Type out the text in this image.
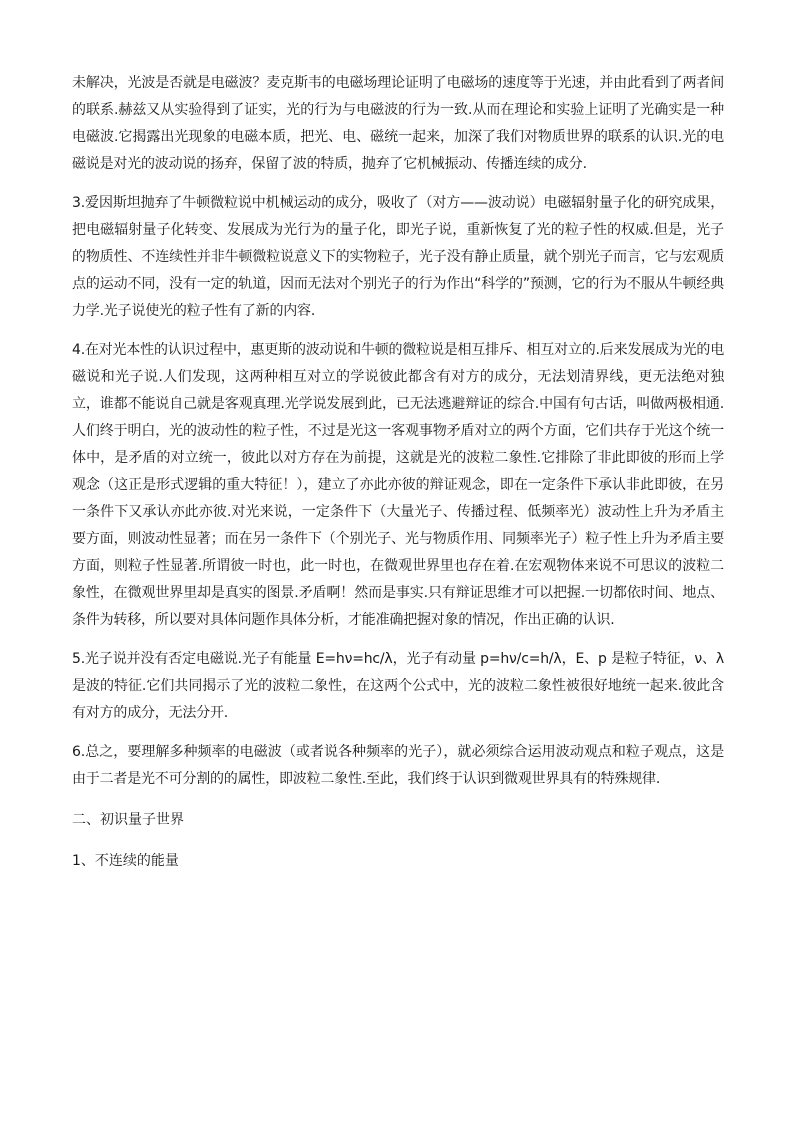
未解决，光波是否就是电磁波？麦克斯韦的电磁场理论证明了电磁场的速度等于光速，并由此看到了两者间的联系.赫兹又从实验得到了证实，光的行为与电磁波的行为一致.从而在理论和实验上证明了光确实是一种电磁波.它揭露出光现象的电磁本质，把光、电、磁统一起来，加深了我们对物质世界的联系的认识.光的电磁说是对光的波动说的扬弃，保留了波的特质，抛弃了它机械振动、传播连续的成分.

3.爱因斯坦抛弃了牛顿微粒说中机械运动的成分，吸收了（对方——波动说）电磁辐射量子化的研究成果，把电磁辐射量子化转变、发展成为光行为的量子化，即光子说，重新恢复了光的粒子性的权威.但是，光子的物质性、不连续性并非牛顿微粒说意义下的实物粒子，光子没有静止质量，就个别光子而言，它与宏观质点的运动不同，没有一定的轨道，因而无法对个别光子的行为作出“科学的”预测，它的行为不服从牛顿经典力学.光子说使光的粒子性有了新的内容.

4.在对光本性的认识过程中，惠更斯的波动说和牛顿的微粒说是相互排斥、相互对立的.后来发展成为光的电磁说和光子说.人们发现，这两种相互对立的学说彼此都含有对方的成分，无法划清界线，更无法绝对独立，谁都不能说自己就是客观真理.光学说发展到此，已无法逃避辩证的综合.中国有句古话，叫做两极相通.人们终于明白，光的波动性的粒子性，不过是光这一客观事物矛盾对立的两个方面，它们共存于光这个统一体中，是矛盾的对立统一，彼此以对方存在为前提，这就是光的波粒二象性.它排除了非此即彼的形而上学观念（这正是形式逻辑的重大特征！），建立了亦此亦彼的辩证观念，即在一定条件下承认非此即彼，在另一条件下又承认亦此亦彼.对光来说，一定条件下（大量光子、传播过程、低频率光）波动性上升为矛盾主要方面，则波动性显著；而在另一条件下（个别光子、光与物质作用、同频率光子）粒子性上升为矛盾主要方面，则粒子性显著.所谓彼一时也，此一时也，在微观世界里也存在着.在宏观物体来说不可思议的波粒二象性，在微观世界里却是真实的图景.矛盾啊！然而是事实.只有辩证思维才可以把握.一切都依时间、地点、条件为转移，所以要对具体问题作具体分析，才能准确把握对象的情况，作出正确的认识.

5.光子说并没有否定电磁说.光子有能量 E=hν=hc/λ，光子有动量 p=hν/c=h/λ，E、p 是粒子特征，ν、λ 是波的特征.它们共同揭示了光的波粒二象性，在这两个公式中，光的波粒二象性被很好地统一起来.彼此含有对方的成分，无法分开.

6.总之，要理解多种频率的电磁波（或者说各种频率的光子），就必须综合运用波动观点和粒子观点，这是由于二者是光不可分割的的属性，即波粒二象性.至此，我们终于认识到微观世界具有的特殊规律.

二、初识量子世界

1、不连续的能量
